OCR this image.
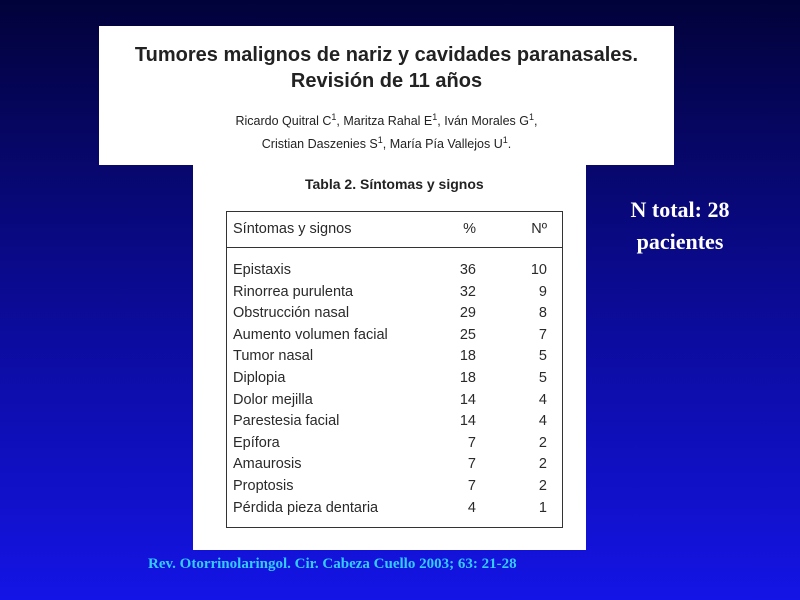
Tumores malignos de nariz y cavidades paranasales.
Revisión de 11 años
Ricardo Quitral $C^1$, Maritza Rahal $E^1$, Iván Morales $G^1$,
Cristian Daszenies $S^1$, María Pía Vallejos $U^1$.
Tabla 2. Síntomas y signos
Síntomas y signos	%	Nº
Epistaxis	36	10
Rinorrea purulenta	32	9
Obstrucción nasal	29	8
Aumento volumen facial	25	7
Tumor nasal	18	5
Diplopia	18	5
Dolor mejilla	14	4
Parestesia facial	14	4
Epífora	7	2
Amaurosis	7	2
Proptosis	7	2
Pérdida pieza dentaria	4	1
N total: 28
pacientes
Rev. Otorrinolaringol. Cir. Cabeza Cuello 2003; 63: 21-28
